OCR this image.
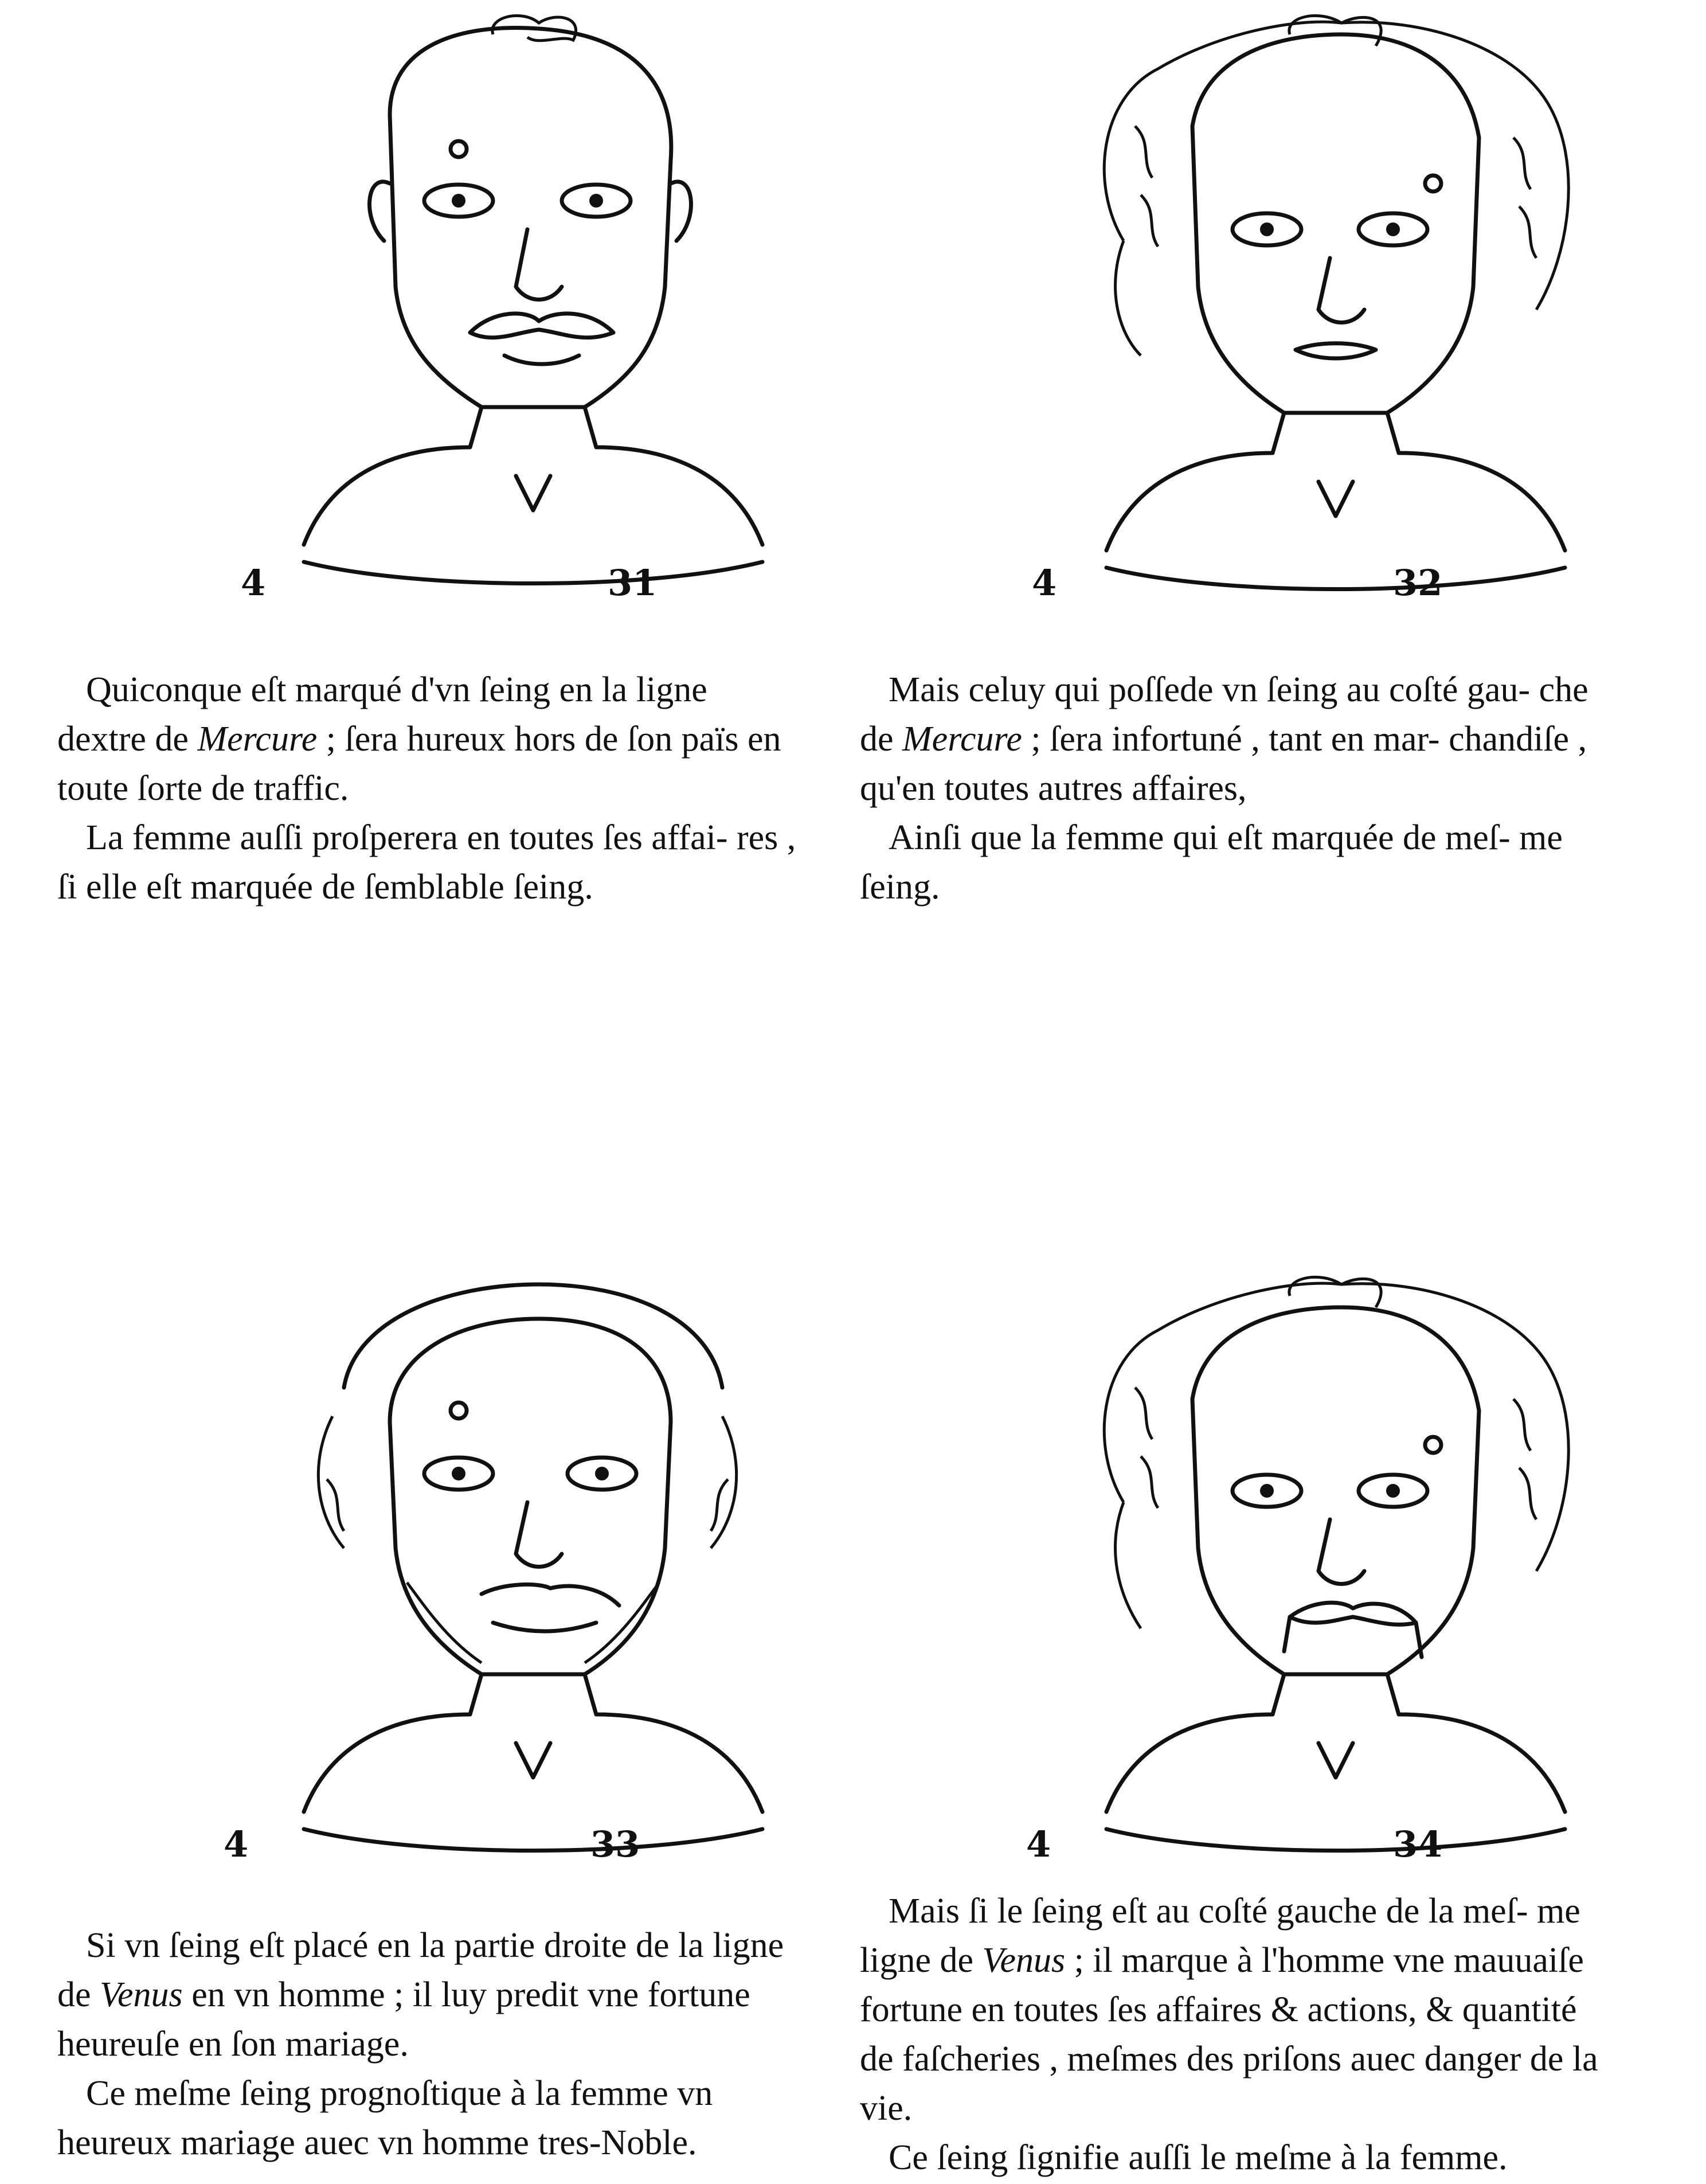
4	31	4	32
4	33	4	34

Quiconque eſt marqué d'vn ſeing en la ligne dextre de Mercure ; ſera hureux hors de ſon paїs en toute ſorte de traffic.

La femme auſſi proſperera en toutes ſes affai- res , ſi elle eſt marquée de ſemblable ſeing.

Mais celuy qui poſſede vn ſeing au coſté gau- che de Mercure ; ſera infortuné , tant en mar- chandiſe , qu'en toutes autres affaires,

Ainſi que la femme qui eſt marquée de meſ- me ſeing.

Si vn ſeing eſt placé en la partie droite de la ligne de Venus en vn homme ; il luy predit vne fortune heureuſe en ſon mariage.

Ce meſme ſeing prognoſtique à la femme vn heureux mariage auec vn homme tres-Noble.

Mais ſi le ſeing eſt au coſté gauche de la meſ- me ligne de Venus ; il marque à l'homme vne mauuaiſe fortune en toutes ſes affaires & actions, & quantité de faſcheries , meſmes des priſons auec danger de la vie.

Ce ſeing ſignifie auſſi le meſme à la femme.
